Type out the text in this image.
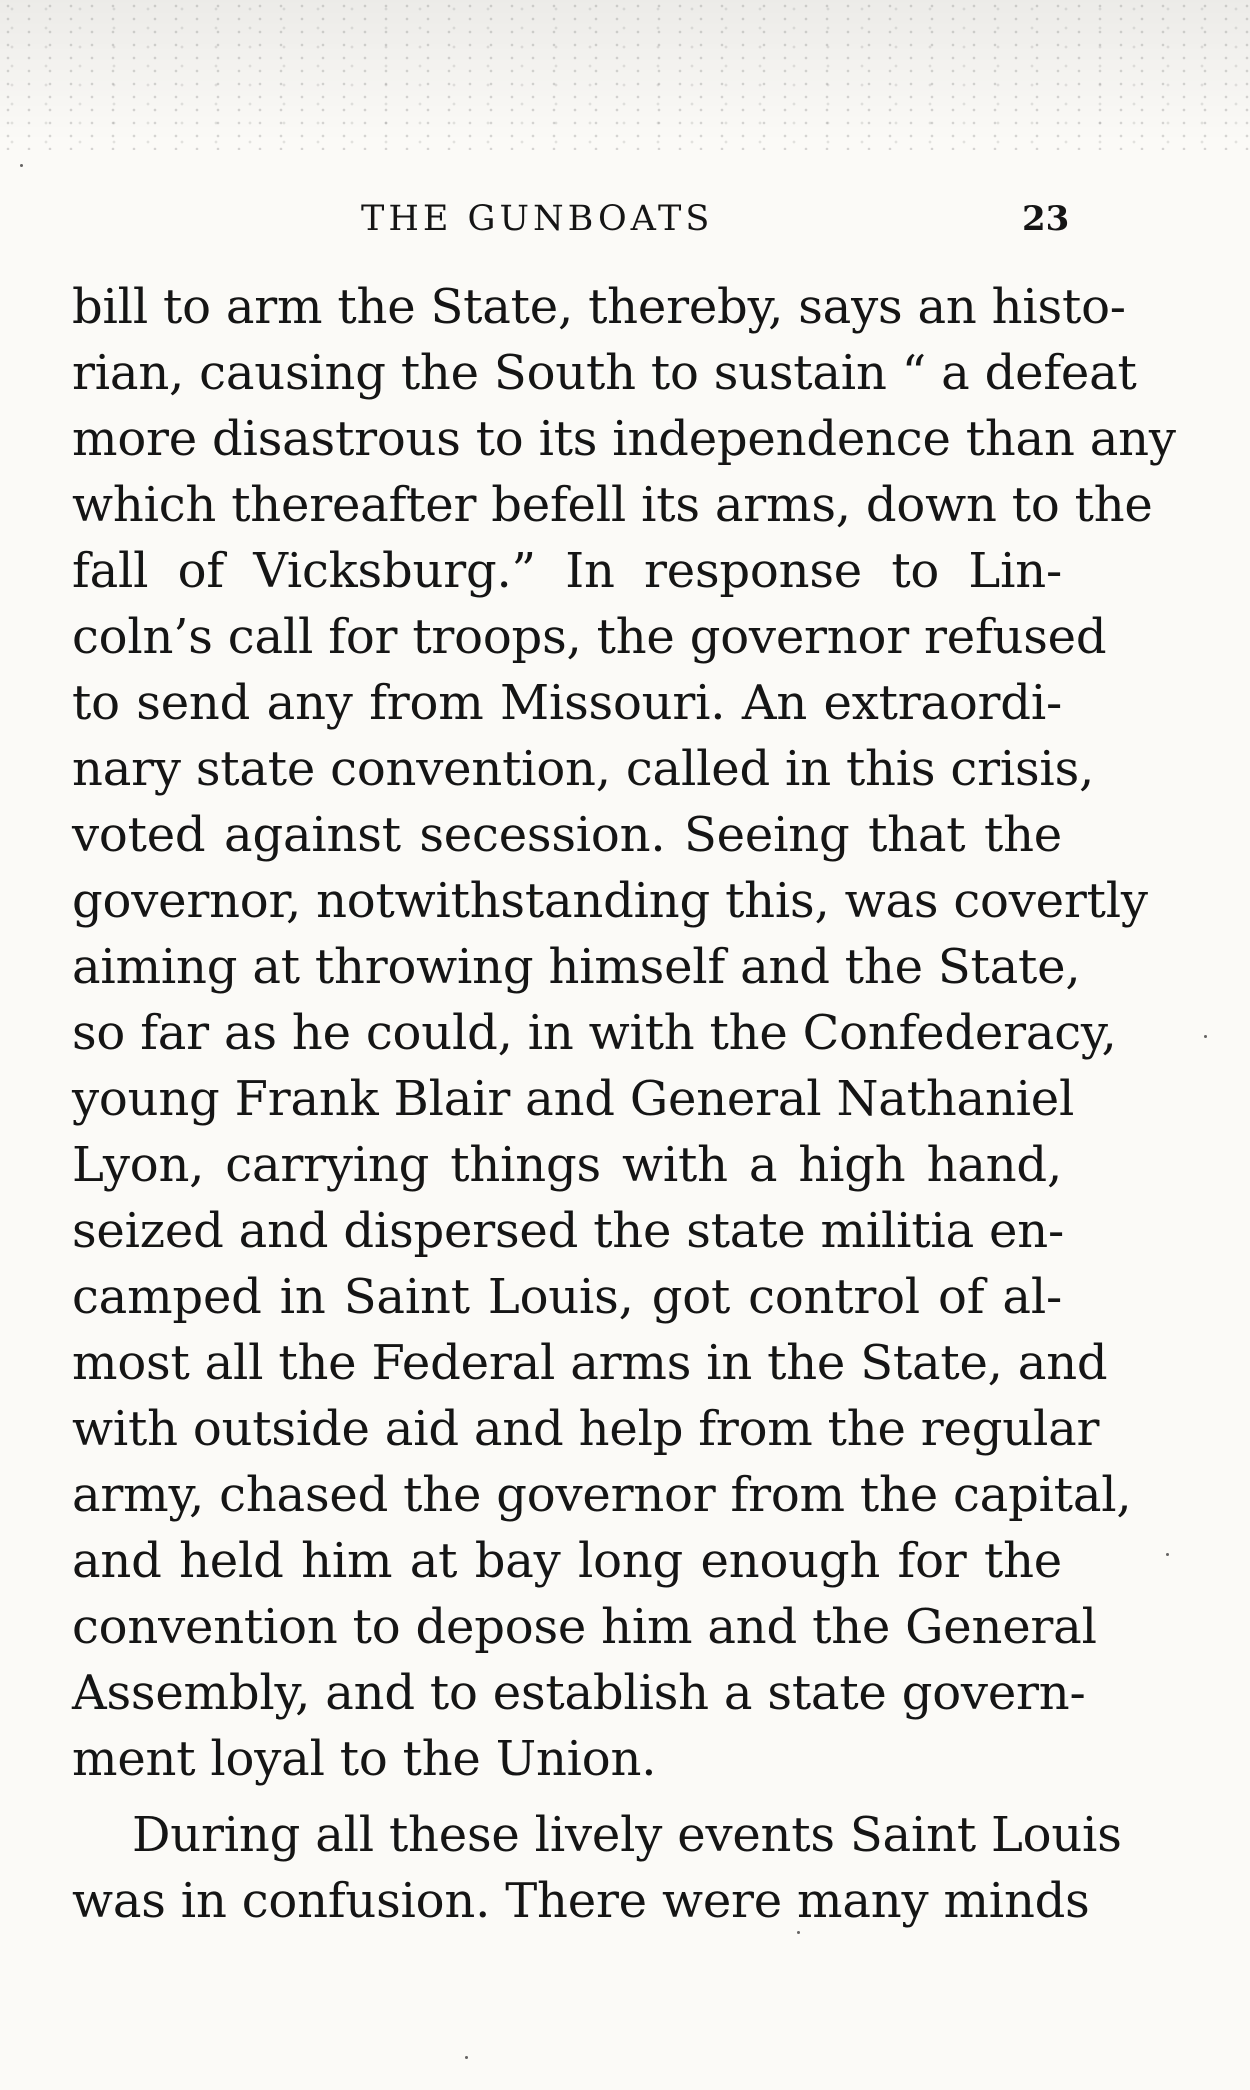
THE GUNBOATS	23
bill to arm the State, thereby, says an histo-
rian, causing the South to sustain “ a defeat
more disastrous to its independence than any
which thereafter befell its arms, down to the
fall of Vicksburg.” In response to Lin-
coln’s call for troops, the governor refused
to send any from Missouri. An extraordi-
nary state convention, called in this crisis,
voted against secession. Seeing that the
governor, notwithstanding this, was covertly
aiming at throwing himself and the State,
so far as he could, in with the Confederacy,
young Frank Blair and General Nathaniel
Lyon, carrying things with a high hand,
seized and dispersed the state militia en-
camped in Saint Louis, got control of al-
most all the Federal arms in the State, and
with outside aid and help from the regular
army, chased the governor from the capital,
and held him at bay long enough for the
convention to depose him and the General
Assembly, and to establish a state govern-
ment loyal to the Union.
During all these lively events Saint Louis
was in confusion. There were many minds
